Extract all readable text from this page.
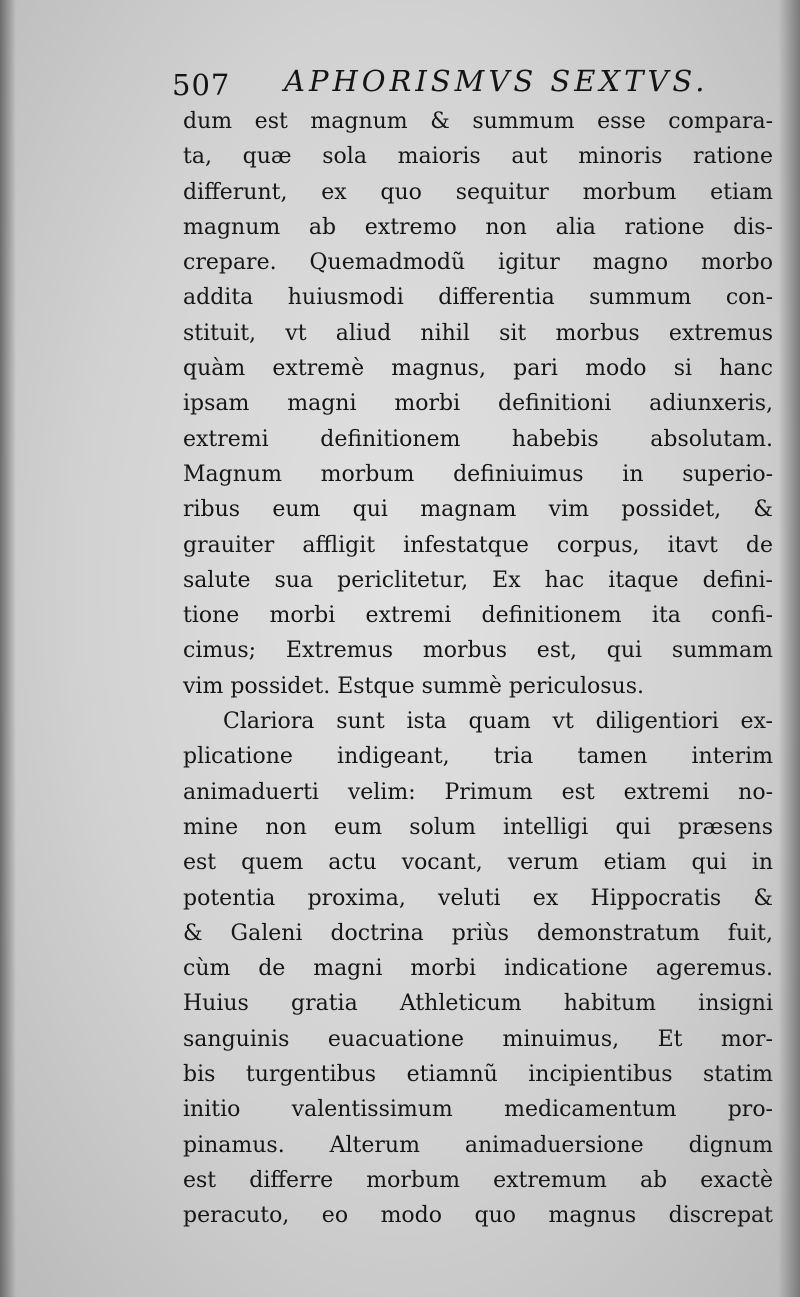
507 APHORISMVS SEXTVS.
dum est magnum & summum esse compara-
ta, quæ sola maioris aut minoris ratione
differunt, ex quo sequitur morbum etiam
magnum ab extremo non alia ratione dis-
crepare. Quemadmodũ igitur magno morbo
addita huiusmodi differentia summum con-
stituit, vt aliud nihil sit morbus extremus
quàm extremè magnus, pari modo si hanc
ipsam magni morbi definitioni adiunxeris,
extremi definitionem habebis absolutam.
Magnum morbum definiuimus in superio-
ribus eum qui magnam vim possidet, &
grauiter affligit infestatque corpus, itavt de
salute sua periclitetur, Ex hac itaque defini-
tione morbi extremi definitionem ita confi-
cimus; Extremus morbus est, qui summam
vim possidet. Estque summè periculosus.
Clariora sunt ista quam vt diligentiori ex-
plicatione indigeant, tria tamen interim
animaduerti velim: Primum est extremi no-
mine non eum solum intelligi qui præsens
est quem actu vocant, verum etiam qui in
potentia proxima, veluti ex Hippocratis &
& Galeni doctrina priùs demonstratum fuit,
cùm de magni morbi indicatione ageremus.
Huius gratia Athleticum habitum insigni
sanguinis euacuatione minuimus, Et mor-
bis turgentibus etiamnũ incipientibus statim
initio valentissimum medicamentum pro-
pinamus. Alterum animaduersione dignum
est differre morbum extremum ab exactè
peracuto, eo modo quo magnus discrepat
